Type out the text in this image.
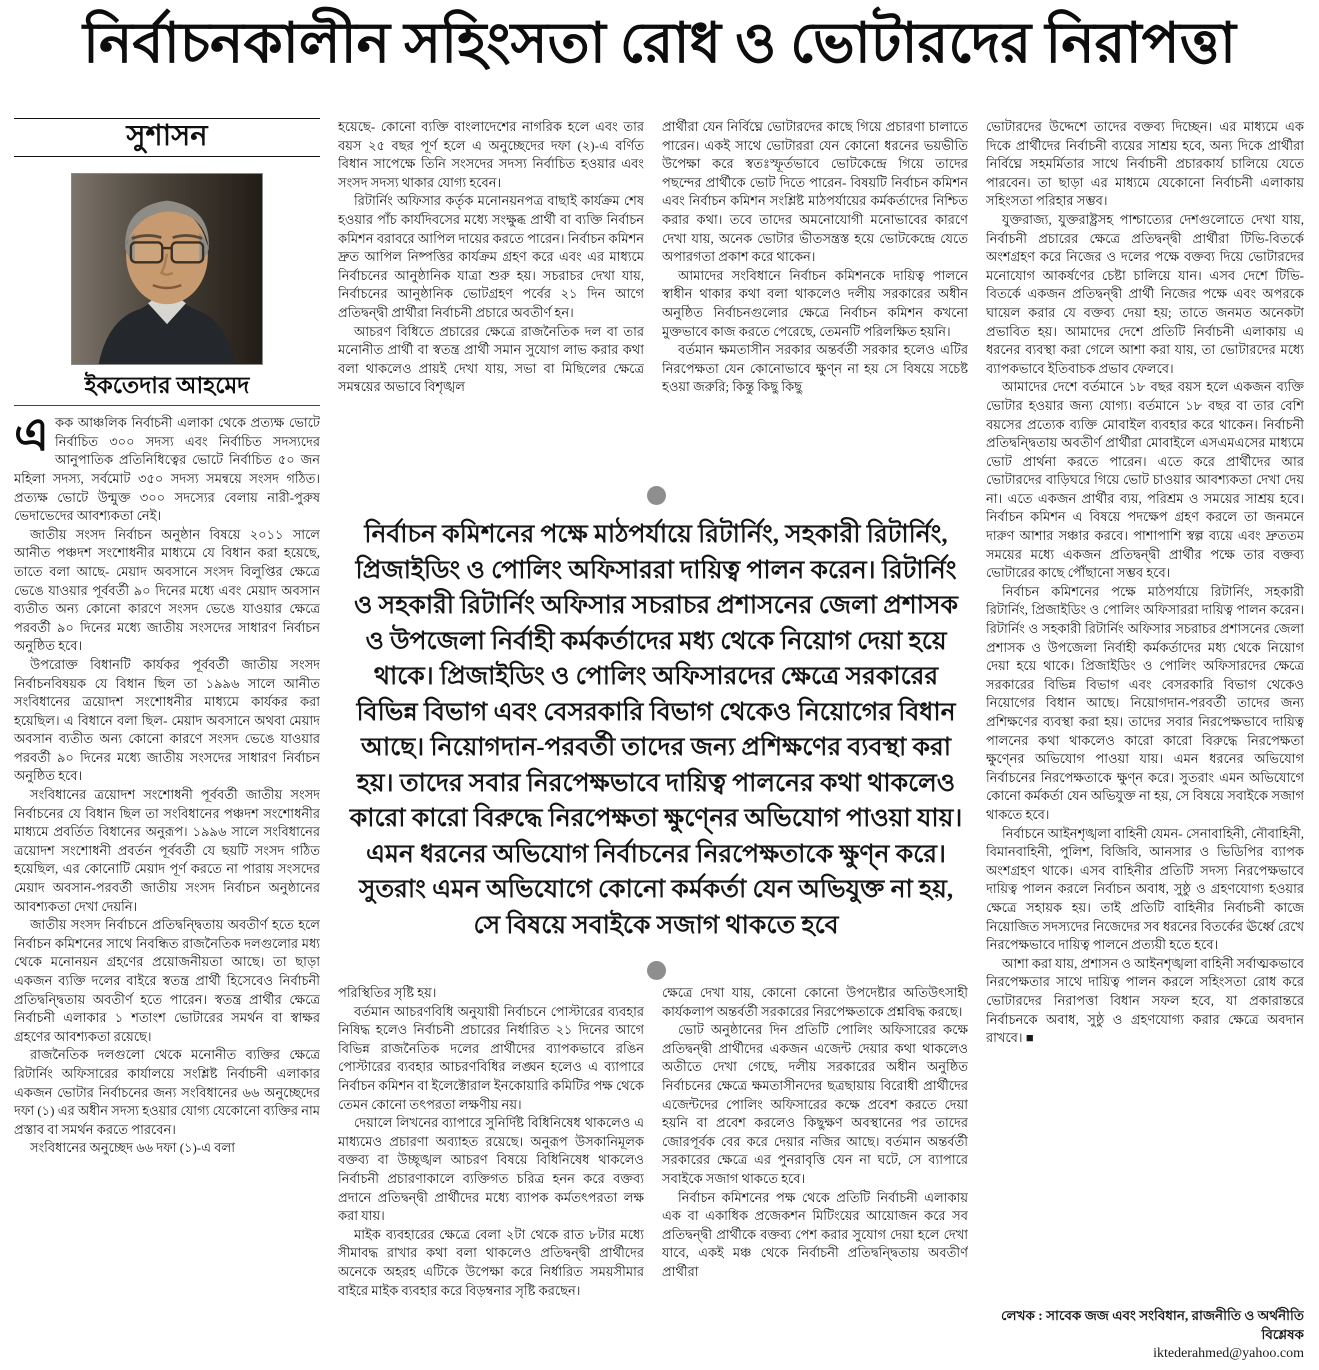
নির্বাচনকালীন সহিংসতা রোধ ও ভোটারদের নিরাপত্তা
সুশাসন
ইকতেদার আহমেদ

একক আঞ্চলিক নির্বাচনী এলাকা থেকে প্রত্যক্ষ ভোটে নির্বাচিত ৩০০ সদস্য এবং নির্বাচিত সদস্যদের আনুপাতিক প্রতিনিধিত্বের ভোটে নির্বাচিত ৫০ জন মহিলা সদস্য, সর্বমোট ৩৫০ সদস্য সমন্বয়ে সংসদ গঠিত। প্রত্যক্ষ ভোটে উন্মুক্ত ৩০০ সদস্যের বেলায় নারী-পুরুষ ভেদাভেদের আবশ্যকতা নেই।

জাতীয় সংসদ নির্বাচন অনুষ্ঠান বিষয়ে ২০১১ সালে আনীত পঞ্চদশ সংশোধনীর মাধ্যমে যে বিধান করা হয়েছে, তাতে বলা আছে- মেয়াদ অবসানে সংসদ বিলুপ্তির ক্ষেত্রে ভেঙে যাওয়ার পূর্ববর্তী ৯০ দিনের মধ্যে এবং মেয়াদ অবসান ব্যতীত অন্য কোনো কারণে সংসদ ভেঙে যাওয়ার ক্ষেত্রে পরবর্তী ৯০ দিনের মধ্যে জাতীয় সংসদের সাধারণ নির্বাচন অনুষ্ঠিত হবে।

উপরোক্ত বিধানটি কার্যকর পূর্ববর্তী জাতীয় সংসদ নির্বাচনবিষয়ক যে বিধান ছিল তা ১৯৯৬ সালে আনীত সংবিধানের ত্রয়োদশ সংশোধনীর মাধ্যমে কার্যকর করা হয়েছিল। এ বিধানে বলা ছিল- মেয়াদ অবসানে অথবা মেয়াদ অবসান ব্যতীত অন্য কোনো কারণে সংসদ ভেঙে যাওয়ার পরবর্তী ৯০ দিনের মধ্যে জাতীয় সংসদের সাধারণ নির্বাচন অনুষ্ঠিত হবে।

সংবিধানের ত্রয়োদশ সংশোধনী পূর্ববর্তী জাতীয় সংসদ নির্বাচনের যে বিধান ছিল তা সংবিধানের পঞ্চদশ সংশোধনীর মাধ্যমে প্রবর্তিত বিধানের অনুরূপ। ১৯৯৬ সালে সংবিধানের ত্রয়োদশ সংশোধনী প্রবর্তন পূর্ববর্তী যে ছয়টি সংসদ গঠিত হয়েছিল, এর কোনোটি মেয়াদ পূর্ণ করতে না পারায় সংসদের মেয়াদ অবসান-পরবর্তী জাতীয় সংসদ নির্বাচন অনুষ্ঠানের আবশ্যকতা দেখা দেয়নি।

জাতীয় সংসদ নির্বাচনে প্রতিদ্বন্দ্বিতায় অবতীর্ণ হতে হলে নির্বাচন কমিশনের সাথে নিবন্ধিত রাজনৈতিক দলগুলোর মধ্য থেকে মনোনয়ন গ্রহণের প্রয়োজনীয়তা আছে। তা ছাড়া একজন ব্যক্তি দলের বাইরে স্বতন্ত্র প্রার্থী হিসেবেও নির্বাচনী প্রতিদ্বন্দ্বিতায় অবতীর্ণ হতে পারেন। স্বতন্ত্র প্রার্থীর ক্ষেত্রে নির্বাচনী এলাকার ১ শতাংশ ভোটারের সমর্থন বা স্বাক্ষর গ্রহণের আবশ্যকতা রয়েছে।

রাজনৈতিক দলগুলো থেকে মনোনীত ব্যক্তির ক্ষেত্রে রিটার্নিং অফিসারের কার্যালয়ে সংশ্লিষ্ট নির্বাচনী এলাকার একজন ভোটার নির্বাচনের জন্য সংবিধানের ৬৬ অনুচ্ছেদের দফা (১) এর অধীন সদস্য হওয়ার যোগ্য যেকোনো ব্যক্তির নাম প্রস্তাব বা সমর্থন করতে পারবেন।

সংবিধানের অনুচ্ছেদ ৬৬ দফা (১)-এ বলা

হয়েছে- কোনো ব্যক্তি বাংলাদেশের নাগরিক হলে এবং তার বয়স ২৫ বছর পূর্ণ হলে এ অনুচ্ছেদের দফা (২)-এ বর্ণিত বিধান সাপেক্ষে তিনি সংসদের সদস্য নির্বাচিত হওয়ার এবং সংসদ সদস্য থাকার যোগ্য হবেন।

রিটার্নিং অফিসার কর্তৃক মনোনয়নপত্র বাছাই কার্যক্রম শেষ হওয়ার পাঁচ কার্যদিবসের মধ্যে সংক্ষুব্ধ প্রার্থী বা ব্যক্তি নির্বাচন কমিশন বরাবরে আপিল দায়ের করতে পারেন। নির্বাচন কমিশন দ্রুত আপিল নিষ্পত্তির কার্যক্রম গ্রহণ করে এবং এর মাধ্যমে নির্বাচনের আনুষ্ঠানিক যাত্রা শুরু হয়। সচরাচর দেখা যায়, নির্বাচনের আনুষ্ঠানিক ভোটগ্রহণ পর্বের ২১ দিন আগে প্রতিদ্বন্দ্বী প্রার্থীরা নির্বাচনী প্রচারে অবতীর্ণ হন।

আচরণ বিধিতে প্রচারের ক্ষেত্রে রাজনৈতিক দল বা তার মনোনীত প্রার্থী বা স্বতন্ত্র প্রার্থী সমান সুযোগ লাভ করার কথা বলা থাকলেও প্রায়ই দেখা যায়, সভা বা মিছিলের ক্ষেত্রে সমন্বয়ের অভাবে বিশৃঙ্খল

প্রার্থীরা যেন নির্বিঘ্নে ভোটারদের কাছে গিয়ে প্রচারণা চালাতে পারেন। একই সাথে ভোটাররা যেন কোনো ধরনের ভয়ভীতি উপেক্ষা করে স্বতঃস্ফূর্তভাবে ভোটকেন্দ্রে গিয়ে তাদের পছন্দের প্রার্থীকে ভোট দিতে পারেন- বিষয়টি নির্বাচন কমিশন এবং নির্বাচন কমিশন সংশ্লিষ্ট মাঠপর্যায়ের কর্মকর্তাদের নিশ্চিত করার কথা। তবে তাদের অমনোযোগী মনোভাবের কারণে দেখা যায়, অনেক ভোটার ভীতসন্ত্রস্ত হয়ে ভোটকেন্দ্রে যেতে অপারগতা প্রকাশ করে থাকেন।

আমাদের সংবিধানে নির্বাচন কমিশনকে দায়িত্ব পালনে স্বাধীন থাকার কথা বলা থাকলেও দলীয় সরকারের অধীন অনুষ্ঠিত নির্বাচনগুলোর ক্ষেত্রে নির্বাচন কমিশন কখনো মুক্তভাবে কাজ করতে পেরেছে, তেমনটি পরিলক্ষিত হয়নি।

বর্তমান ক্ষমতাসীন সরকার অন্তর্বর্তী সরকার হলেও এটির নিরপেক্ষতা যেন কোনোভাবে ক্ষুণ্ন না হয় সে বিষয়ে সচেষ্ট হওয়া জরুরি; কিন্তু কিছু কিছু

নির্বাচন কমিশনের পক্ষে মাঠপর্যায়ে রিটার্নিং, সহকারী রিটার্নিং, প্রিজাইডিং ও পোলিং অফিসাররা দায়িত্ব পালন করেন। রিটার্নিং ও সহকারী রিটার্নিং অফিসার সচরাচর প্রশাসনের জেলা প্রশাসক ও উপজেলা নির্বাহী কর্মকর্তাদের মধ্য থেকে নিয়োগ দেয়া হয়ে থাকে। প্রিজাইডিং ও পোলিং অফিসারদের ক্ষেত্রে সরকারের বিভিন্ন বিভাগ এবং বেসরকারি বিভাগ থেকেও নিয়োগের বিধান আছে। নিয়োগদান-পরবর্তী তাদের জন্য প্রশিক্ষণের ব্যবস্থা করা হয়। তাদের সবার নিরপেক্ষভাবে দায়িত্ব পালনের কথা থাকলেও কারো কারো বিরুদ্ধে নিরপেক্ষতা ক্ষুণ্নের অভিযোগ পাওয়া যায়। এমন ধরনের অভিযোগ নির্বাচনের নিরপেক্ষতাকে ক্ষুণ্ন করে। সুতরাং এমন অভিযোগে কোনো কর্মকর্তা যেন অভিযুক্ত না হয়, সে বিষয়ে সবাইকে সজাগ থাকতে হবে

পরিস্থিতির সৃষ্টি হয়।

বর্তমান আচরণবিধি অনুযায়ী নির্বাচনে পোস্টারের ব্যবহার নিষিদ্ধ হলেও নির্বাচনী প্রচারের নির্ধারিত ২১ দিনের আগে বিভিন্ন রাজনৈতিক দলের প্রার্থীদের ব্যাপকভাবে রঙিন পোস্টারের ব্যবহার আচরণবিধির লঙ্ঘন হলেও এ ব্যাপারে নির্বাচন কমিশন বা ইলেক্টোরাল ইনকোয়ারি কমিটির পক্ষ থেকে তেমন কোনো তৎপরতা লক্ষণীয় নয়।

দেয়ালে লিখনের ব্যাপারে সুনির্দিষ্ট বিধিনিষেধ থাকলেও এ মাধ্যমেও প্রচারণা অব্যাহত রয়েছে। অনুরূপ উসকানিমূলক বক্তব্য বা উচ্ছৃঙ্খল আচরণ বিষয়ে বিধিনিষেধ থাকলেও নির্বাচনী প্রচারণাকালে ব্যক্তিগত চরিত্র হনন করে বক্তব্য প্রদানে প্রতিদ্বন্দ্বী প্রার্থীদের মধ্যে ব্যাপক কর্মতৎপরতা লক্ষ করা যায়।

মাইক ব্যবহারের ক্ষেত্রে বেলা ২টা থেকে রাত ৮টার মধ্যে সীমাবদ্ধ রাখার কথা বলা থাকলেও প্রতিদ্বন্দ্বী প্রার্থীদের অনেকে অহরহ এটিকে উপেক্ষা করে নির্ধারিত সময়সীমার বাইরে মাইক ব্যবহার করে বিড়ম্বনার সৃষ্টি করছেন।

ক্ষেত্রে দেখা যায়, কোনো কোনো উপদেষ্টার অতিউৎসাহী কার্যকলাপ অন্তর্বর্তী সরকারের নিরপেক্ষতাকে প্রশ্নবিদ্ধ করছে।

ভোট অনুষ্ঠানের দিন প্রতিটি পোলিং অফিসারের কক্ষে প্রতিদ্বন্দ্বী প্রার্থীদের একজন এজেন্ট দেয়ার কথা থাকলেও অতীতে দেখা গেছে, দলীয় সরকারের অধীন অনুষ্ঠিত নির্বাচনের ক্ষেত্রে ক্ষমতাসীনদের ছত্রছায়ায় বিরোধী প্রার্থীদের এজেন্টদের পোলিং অফিসারের কক্ষে প্রবেশ করতে দেয়া হয়নি বা প্রবেশ করলেও কিছুক্ষণ অবস্থানের পর তাদের জোরপূর্বক বের করে দেয়ার নজির আছে। বর্তমান অন্তর্বর্তী সরকারের ক্ষেত্রে এর পুনরাবৃত্তি যেন না ঘটে, সে ব্যাপারে সবাইকে সজাগ থাকতে হবে।

নির্বাচন কমিশনের পক্ষ থেকে প্রতিটি নির্বাচনী এলাকায় এক বা একাধিক প্রজেকশন মিটিংয়ের আয়োজন করে সব প্রতিদ্বন্দ্বী প্রার্থীকে বক্তব্য পেশ করার সুযোগ দেয়া হলে দেখা যাবে, একই মঞ্চ থেকে নির্বাচনী প্রতিদ্বন্দ্বিতায় অবতীর্ণ প্রার্থীরা

ভোটারদের উদ্দেশে তাদের বক্তব্য দিচ্ছেন। এর মাধ্যমে এক দিকে প্রার্থীদের নির্বাচনী ব্যয়ের সাশ্রয় হবে, অন্য দিকে প্রার্থীরা নির্বিঘ্নে সহমর্মিতার সাথে নির্বাচনী প্রচারকার্য চালিয়ে যেতে পারবেন। তা ছাড়া এর মাধ্যমে যেকোনো নির্বাচনী এলাকায় সহিংসতা পরিহার সম্ভব।

যুক্তরাজ্য, যুক্তরাষ্ট্রসহ পাশ্চাত্যের দেশগুলোতে দেখা যায়, নির্বাচনী প্রচারের ক্ষেত্রে প্রতিদ্বন্দ্বী প্রার্থীরা টিভি-বিতর্কে অংশগ্রহণ করে নিজের ও দলের পক্ষে বক্তব্য দিয়ে ভোটারদের মনোযোগ আকর্ষণের চেষ্টা চালিয়ে যান। এসব দেশে টিভি-বিতর্কে একজন প্রতিদ্বন্দ্বী প্রার্থী নিজের পক্ষে এবং অপরকে ঘায়েল করার যে বক্তব্য দেয়া হয়; তাতে জনমত অনেকটা প্রভাবিত হয়। আমাদের দেশে প্রতিটি নির্বাচনী এলাকায় এ ধরনের ব্যবস্থা করা গেলে আশা করা যায়, তা ভোটারদের মধ্যে ব্যাপকভাবে ইতিবাচক প্রভাব ফেলবে।

আমাদের দেশে বর্তমানে ১৮ বছর বয়স হলে একজন ব্যক্তি ভোটার হওয়ার জন্য যোগ্য। বর্তমানে ১৮ বছর বা তার বেশি বয়সের প্রত্যেক ব্যক্তি মোবাইল ব্যবহার করে থাকেন। নির্বাচনী প্রতিদ্বন্দ্বিতায় অবতীর্ণ প্রার্থীরা মোবাইলে এসএমএসের মাধ্যমে ভোট প্রার্থনা করতে পারেন। এতে করে প্রার্থীদের আর ভোটারদের বাড়িঘরে গিয়ে ভোট চাওয়ার আবশ্যকতা দেখা দেয় না। এতে একজন প্রার্থীর ব্যয়, পরিশ্রম ও সময়ের সাশ্রয় হবে। নির্বাচন কমিশন এ বিষয়ে পদক্ষেপ গ্রহণ করলে তা জনমনে দারুণ আশার সঞ্চার করবে। পাশাপাশি স্বল্প ব্যয়ে এবং দ্রুততম সময়ের মধ্যে একজন প্রতিদ্বন্দ্বী প্রার্থীর পক্ষে তার বক্তব্য ভোটারের কাছে পৌঁছানো সম্ভব হবে।

নির্বাচন কমিশনের পক্ষে মাঠপর্যায়ে রিটার্নিং, সহকারী রিটার্নিং, প্রিজাইডিং ও পোলিং অফিসাররা দায়িত্ব পালন করেন। রিটার্নিং ও সহকারী রিটার্নিং অফিসার সচরাচর প্রশাসনের জেলা প্রশাসক ও উপজেলা নির্বাহী কর্মকর্তাদের মধ্য থেকে নিয়োগ দেয়া হয়ে থাকে। প্রিজাইডিং ও পোলিং অফিসারদের ক্ষেত্রে সরকারের বিভিন্ন বিভাগ এবং বেসরকারি বিভাগ থেকেও নিয়োগের বিধান আছে। নিয়োগদান-পরবর্তী তাদের জন্য প্রশিক্ষণের ব্যবস্থা করা হয়। তাদের সবার নিরপেক্ষভাবে দায়িত্ব পালনের কথা থাকলেও কারো কারো বিরুদ্ধে নিরপেক্ষতা ক্ষুণ্নের অভিযোগ পাওয়া যায়। এমন ধরনের অভিযোগ নির্বাচনের নিরপেক্ষতাকে ক্ষুণ্ন করে। সুতরাং এমন অভিযোগে কোনো কর্মকর্তা যেন অভিযুক্ত না হয়, সে বিষয়ে সবাইকে সজাগ থাকতে হবে।

নির্বাচনে আইনশৃঙ্খলা বাহিনী যেমন- সেনাবাহিনী, নৌবাহিনী, বিমানবাহিনী, পুলিশ, বিজিবি, আনসার ও ভিডিপির ব্যাপক অংশগ্রহণ থাকে। এসব বাহিনীর প্রতিটি সদস্য নিরপেক্ষভাবে দায়িত্ব পালন করলে নির্বাচন অবাধ, সুষ্ঠু ও গ্রহণযোগ্য হওয়ার ক্ষেত্রে সহায়ক হয়। তাই প্রতিটি বাহিনীর নির্বাচনী কাজে নিয়োজিত সদস্যদের নিজেদের সব ধরনের বিতর্কের ঊর্ধ্বে রেখে নিরপেক্ষভাবে দায়িত্ব পালনে প্রত্যয়ী হতে হবে।

আশা করা যায়, প্রশাসন ও আইনশৃঙ্খলা বাহিনী সর্বাত্মকভাবে নিরপেক্ষতার সাথে দায়িত্ব পালন করলে সহিংসতা রোধ করে ভোটারদের নিরাপত্তা বিধান সফল হবে, যা প্রকারান্তরে নির্বাচনকে অবাধ, সুষ্ঠু ও গ্রহণযোগ্য করার ক্ষেত্রে অবদান রাখবে। ■

লেখক : সাবেক জজ এবং সংবিধান, রাজনীতি ও অর্থনীতি বিশ্লেষক
iktederahmed@yahoo.com
